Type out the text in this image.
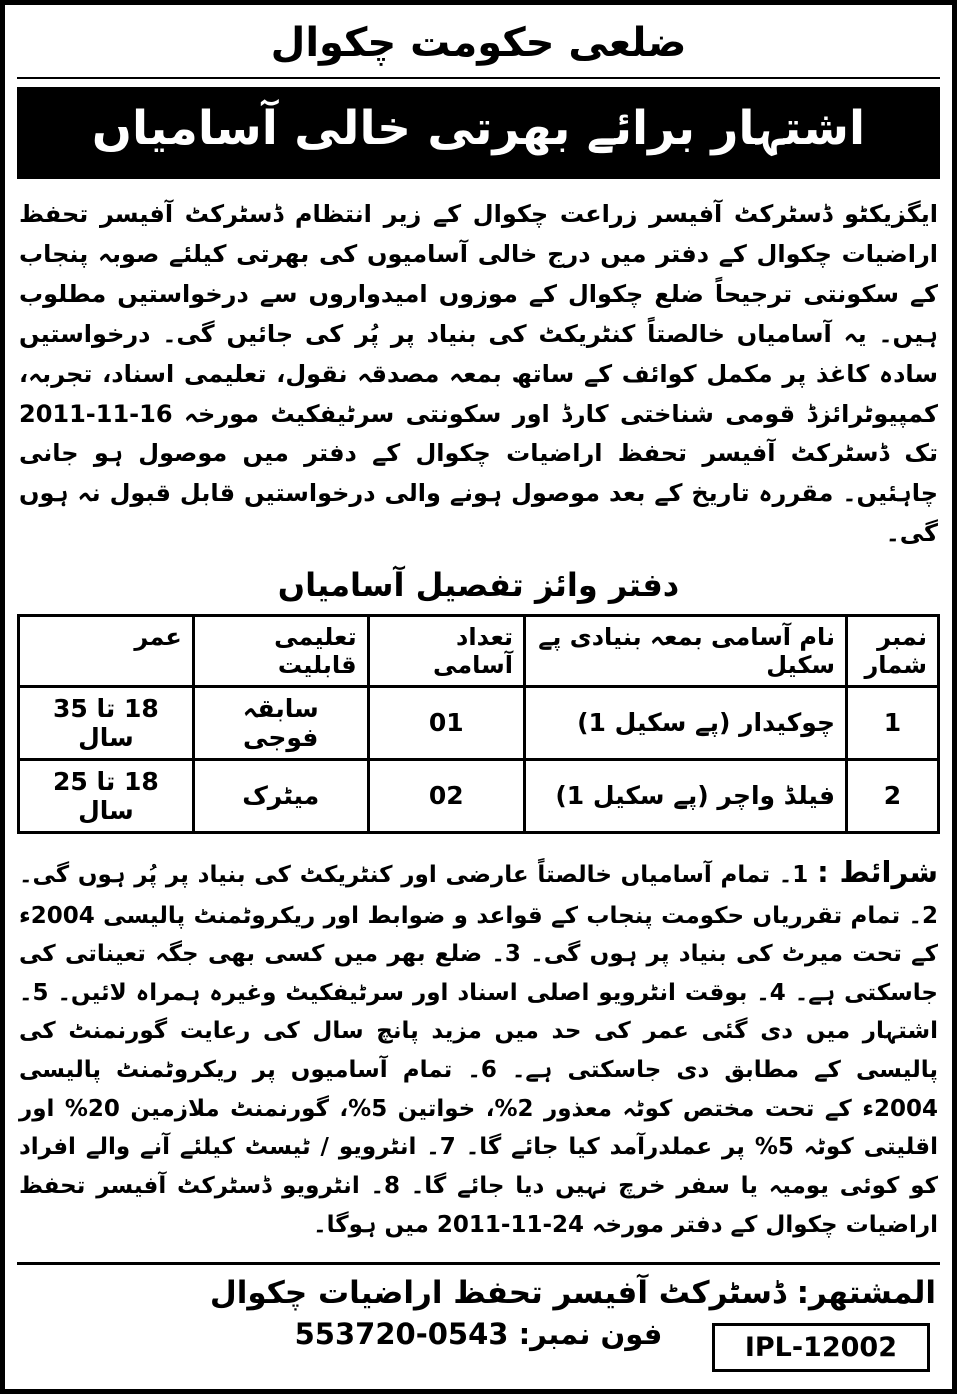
ضلعی حکومت چکوال
اشتہار برائے بھرتی خالی آسامیاں

ایگزیکٹو ڈسٹرکٹ آفیسر زراعت چکوال کے زیر انتظام ڈسٹرکٹ آفیسر تحفظ اراضیات چکوال کے دفتر میں درج خالی آسامیوں کی بھرتی کیلئے صوبہ پنجاب کے سکونتی ترجیحاً ضلع چکوال کے موزوں امیدواروں سے درخواستیں مطلوب ہیں۔ یہ آسامیاں خالصتاً کنٹریکٹ کی بنیاد پر پُر کی جائیں گی۔ درخواستیں سادہ کاغذ پر مکمل کوائف کے ساتھ بمعہ مصدقہ نقول، تعلیمی اسناد، تجربہ، کمپیوٹرائزڈ قومی شناختی کارڈ اور سکونتی سرٹیفکیٹ مورخہ 16-11-2011 تک ڈسٹرکٹ آفیسر تحفظ اراضیات چکوال کے دفتر میں موصول ہو جانی چاہئیں۔ مقررہ تاریخ کے بعد موصول ہونے والی درخواستیں قابل قبول نہ ہوں گی۔

دفتر وائز تفصیل آسامیاں
نمبر شمار	نام آسامی بمعہ بنیادی پے سکیل	تعداد آسامی	تعلیمی قابلیت	عمر
1	چوکیدار (پے سکیل 1)	01	سابقہ فوجی	18 تا 35 سال
2	فیلڈ واچر (پے سکیل 1)	02	میٹرک	18 تا 25 سال

شرائط : 1۔ تمام آسامیاں خالصتاً عارضی اور کنٹریکٹ کی بنیاد پر پُر ہوں گی۔ 2۔ تمام تقرریاں حکومت پنجاب کے قواعد و ضوابط اور ریکروٹمنٹ پالیسی 2004ء کے تحت میرٹ کی بنیاد پر ہوں گی۔ 3۔ ضلع بھر میں کسی بھی جگہ تعیناتی کی جاسکتی ہے۔ 4۔ بوقت انٹرویو اصلی اسناد اور سرٹیفکیٹ وغیرہ ہمراہ لائیں۔ 5۔ اشتہار میں دی گئی عمر کی حد میں مزید پانچ سال کی رعایت گورنمنٹ کی پالیسی کے مطابق دی جاسکتی ہے۔ 6۔ تمام آسامیوں پر ریکروٹمنٹ پالیسی 2004ء کے تحت مختص کوٹہ معذور 2%، خواتین 5%، گورنمنٹ ملازمین 20% اور اقلیتی کوٹہ 5% پر عملدرآمد کیا جائے گا۔ 7۔ انٹرویو / ٹیسٹ کیلئے آنے والے افراد کو کوئی یومیہ یا سفر خرچ نہیں دیا جائے گا۔ 8۔ انٹرویو ڈسٹرکٹ آفیسر تحفظ اراضیات چکوال کے دفتر مورخہ 24-11-2011 میں ہوگا۔

المشتھر: ڈسٹرکٹ آفیسر تحفظ اراضیات چکوال
فون نمبر: 0543-553720	IPL-12002
